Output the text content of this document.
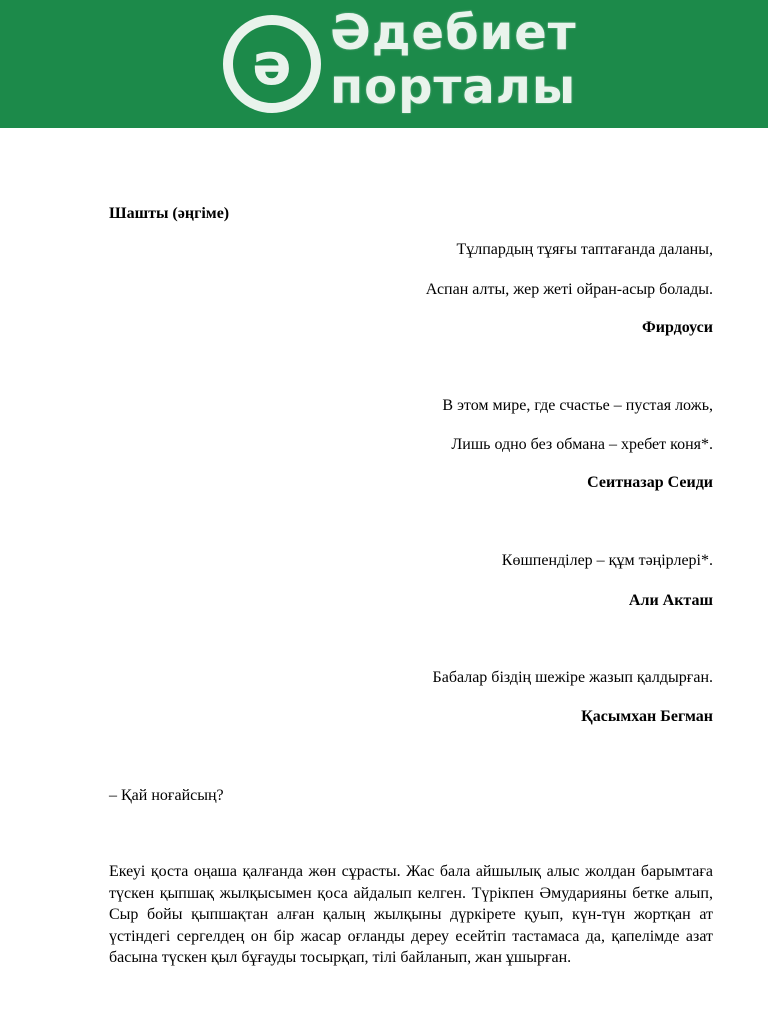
ə Әдебиет
порталы
Шашты (әңгіме)
Тұлпардың тұяғы таптағанда даланы,
Аспан алты, жер жеті ойран-асыр болады.
Фирдоуси
В этом мире, где счастье – пустая ложь,
Лишь одно без обмана – хребет коня*.
Сеитназар Сеиди
Көшпенділер – құм тәңірлері*.
Али Акташ
Бабалар біздің шежіре жазып қалдырған.
Қасымхан Бегман
– Қай ноғайсың?
Екеуі қоста оңаша қалғанда жөн сұрасты. Жас бала айшылық алыс жолдан барымтаға түскен қыпшақ жылқысымен қоса айдалып келген. Түрікпен Әмударияны бетке алып, Сыр бойы қыпшақтан алған қалың жылқыны дүркірете қуып, күн-түн жортқан ат үстіндегі сергелдең он бір жасар оғланды дереу есейтіп тастамаса да, қапелімде азат басына түскен қыл бұғауды тосырқап, тілі байланып, жан ұшырған.
